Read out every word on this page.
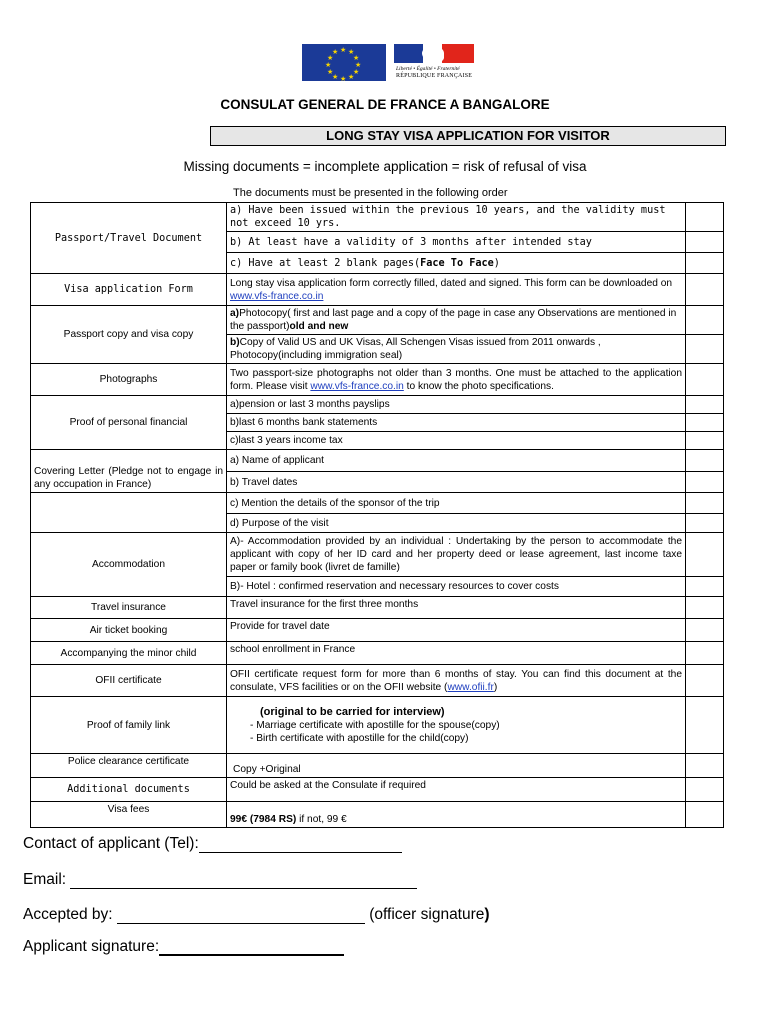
★ ★
★
★
★
★
★
★
★
★
★
★
Liberté • Égalité • Fraternité
RÉPUBLIQUE FRANÇAISE
CONSULAT GENERAL DE FRANCE A BANGALORE
LONG STAY VISA APPLICATION FOR VISITOR
Missing documents = incomplete application = risk of refusal of visa
The documents must be presented in the following order
Passport/Travel Document	a) Have been issued within the previous 10 years, and the validity must not exceed 10 yrs.	
	b) At least have a validity of 3 months after intended stay	
	c) Have at least 2 blank pages(Face To Face)	
Visa application Form	Long stay visa application form correctly filled, dated and signed. This form can be downloaded on
www.vfs-france.co.in	
Passport copy and visa copy	a)Photocopy( first and last page and a copy of the page in case any Observations are mentioned in the passport)old and new	
	b)Copy of Valid US and UK Visas, All Schengen Visas issued from 2011 onwards , Photocopy(including immigration seal)	
Photographs	Two passport-size photographs not older than 3 months. One must be attached to the application form. Please visit www.vfs-france.co.in to know the photo specifications.	
Proof of personal financial	a)pension or last 3 months payslips	
	b)last 6 months bank statements	
	c)last 3 years income tax	
Covering Letter (Pledge not to engage in any occupation in France)	a) Name of applicant	
	b) Travel dates	
	c) Mention the details of the sponsor of the trip	
	d) Purpose of the visit	
Accommodation	A)- Accommodation provided by an individual : Undertaking by the person to accommodate the applicant with copy of her ID card and her property deed or lease agreement, last income taxe paper or family book (livret de famille)	
	B)- Hotel : confirmed reservation and necessary resources to cover costs	
Travel insurance	Travel insurance for the first three months	
Air ticket booking	Provide for travel date	
Accompanying the minor child	school enrollment in France	
OFII certificate	OFII certificate request form for more than 6 months of stay. You can find this document at the consulate, VFS facilities or on the OFII website (www.ofii.fr)	
Proof of family link	(original to be carried for interview)
- Marriage certificate with apostille for the spouse(copy)
- Birth certificate with apostille for the child(copy)	

Police clearance certificate	Copy +Original	
Additional documents	Could be asked at the Consulate if required	
Visa fees	99€ (7984 RS) if not, 99 €	
Contact of applicant (Tel):
Email:
Accepted by:	(officer signature)
Applicant signature:
